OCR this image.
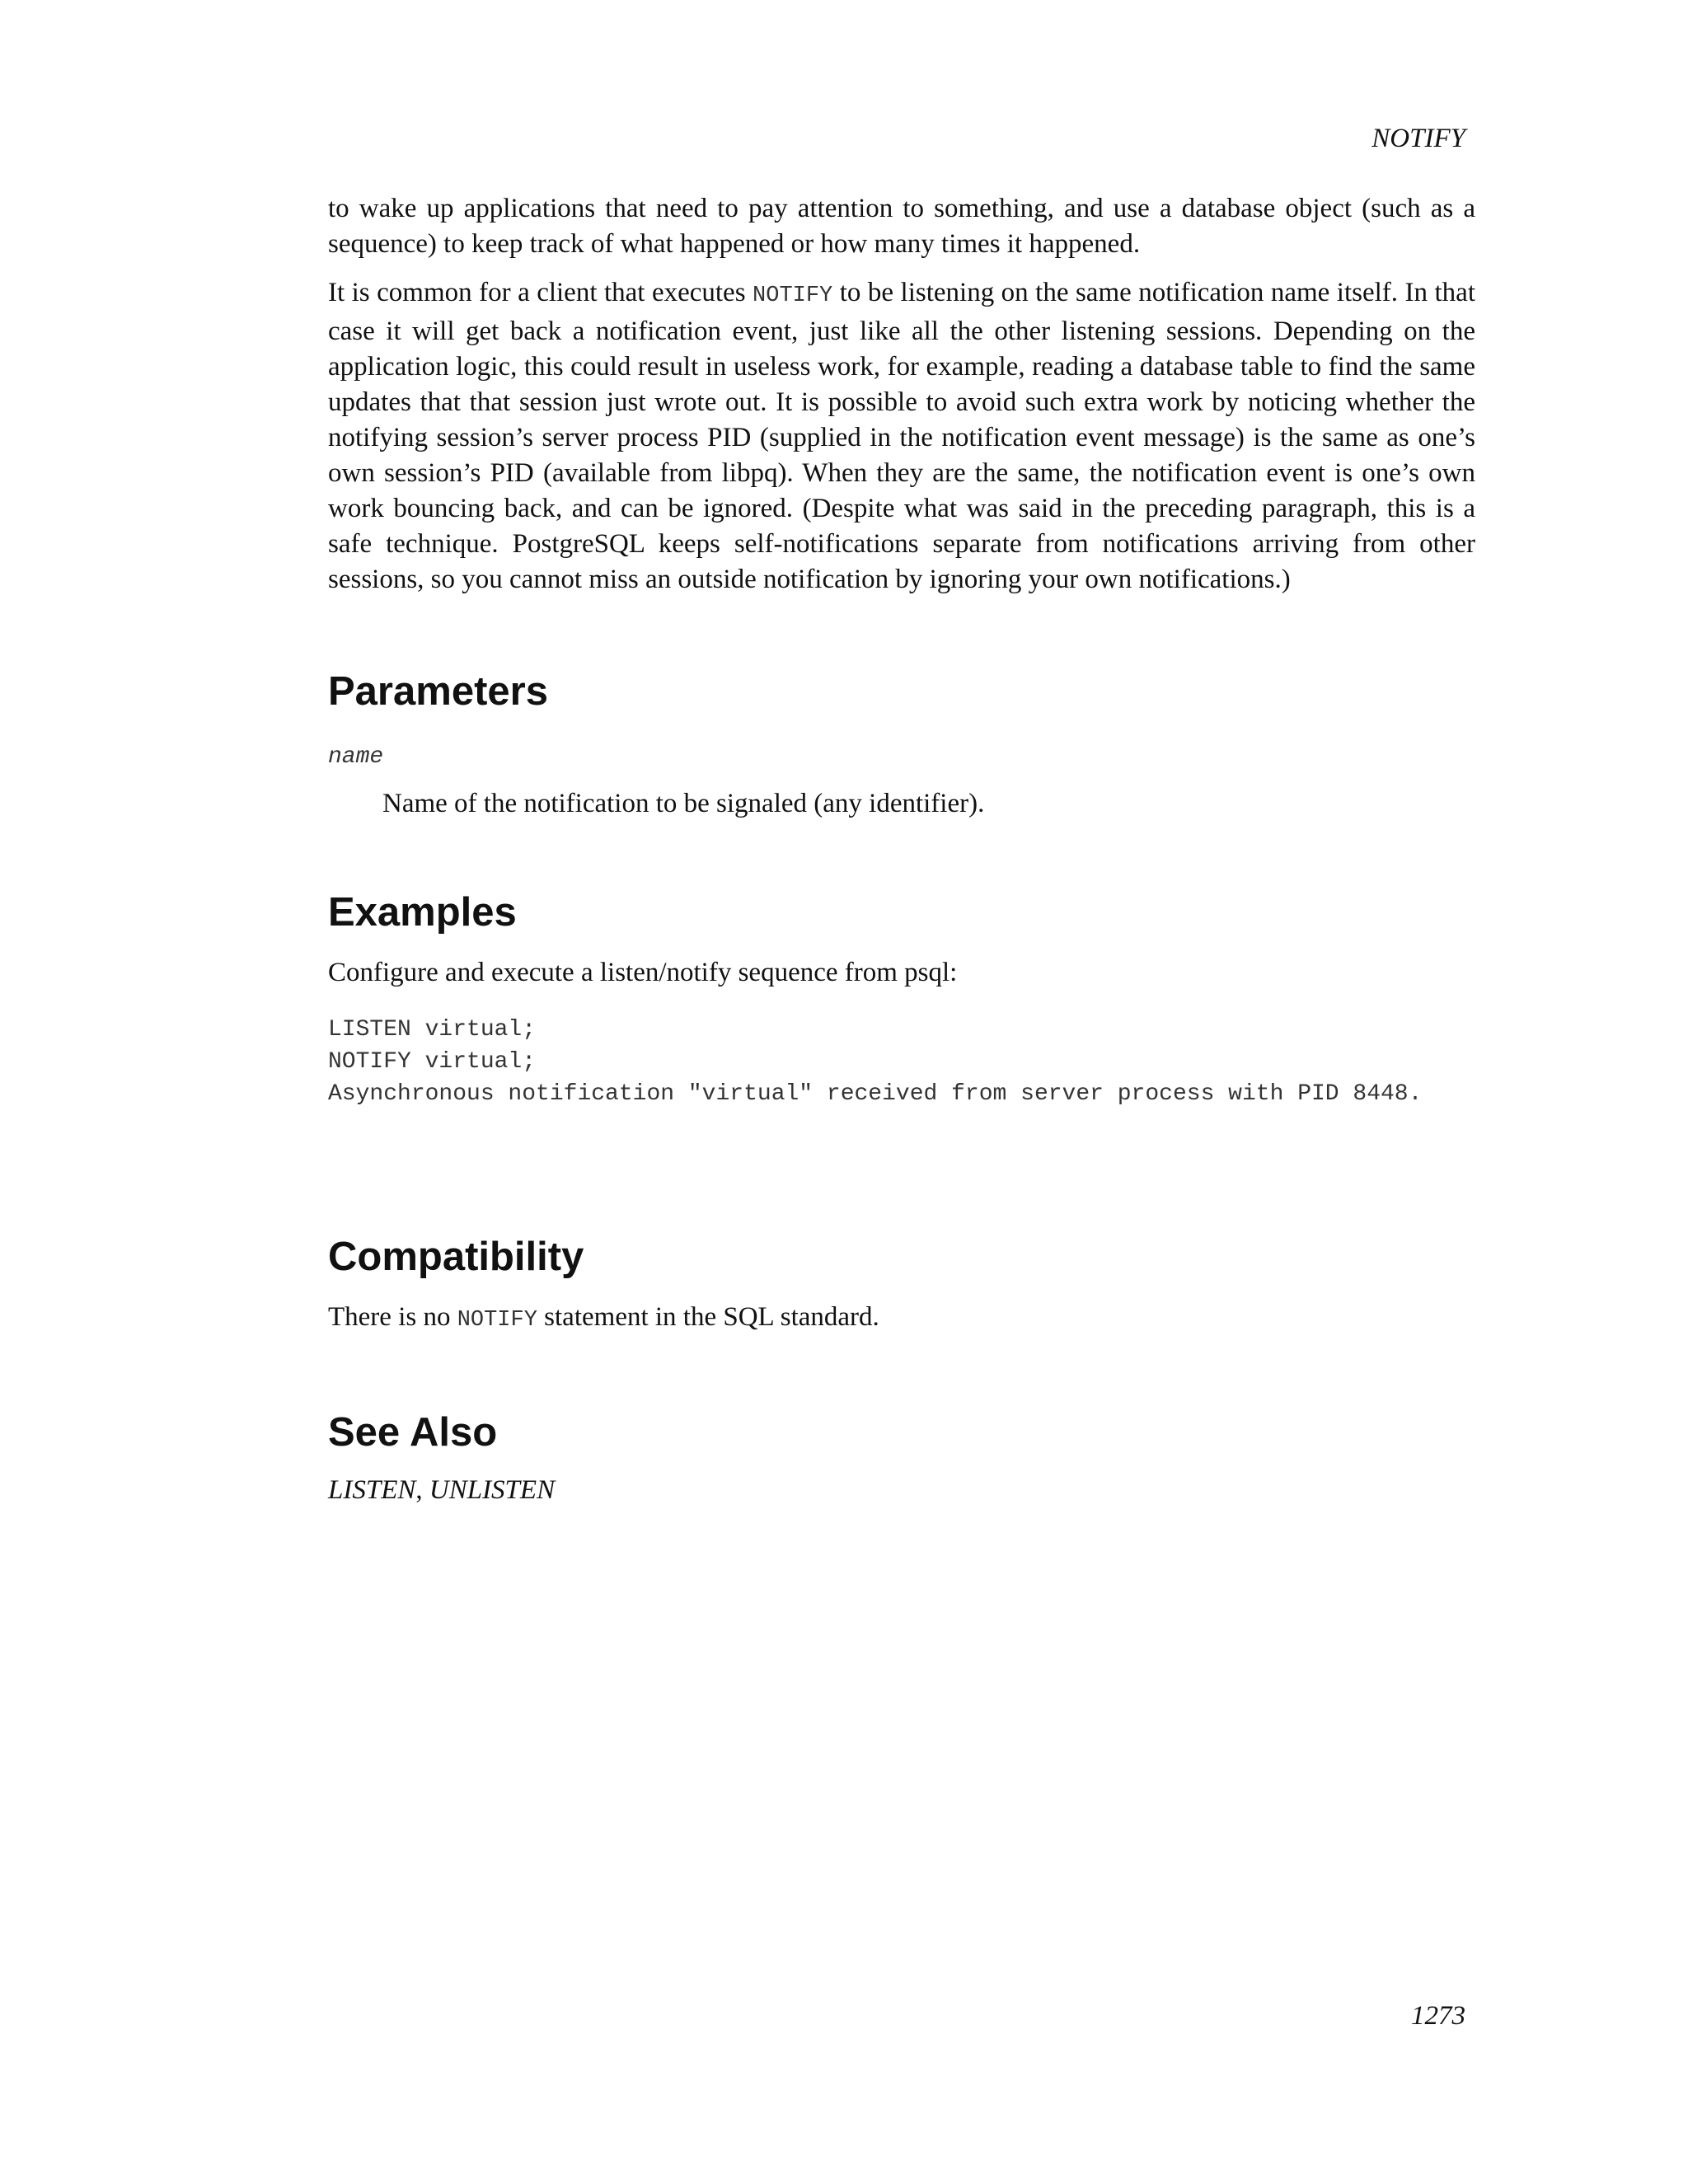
NOTIFY

to wake up applications that need to pay attention to something, and use a database object (such as a sequence) to keep track of what happened or how many times it happened.

It is common for a client that executes NOTIFY to be listening on the same notification name itself. In that case it will get back a notification event, just like all the other listening sessions. Depending on the application logic, this could result in useless work, for example, reading a database table to find the same updates that that session just wrote out. It is possible to avoid such extra work by noticing whether the notifying session’s server process PID (supplied in the notification event message) is the same as one’s own session’s PID (available from libpq). When they are the same, the notification event is one’s own work bouncing back, and can be ignored. (Despite what was said in the preceding paragraph, this is a safe technique. PostgreSQL keeps self-notifications separate from notifications arriving from other sessions, so you cannot miss an outside notification by ignoring your own notifications.)

Parameters

name

Name of the notification to be signaled (any identifier).

Examples

Configure and execute a listen/notify sequence from psql:

LISTEN virtual;
NOTIFY virtual;
Asynchronous notification "virtual" received from server process with PID 8448.
Compatibility

There is no NOTIFY statement in the SQL standard.

See Also

LISTEN, UNLISTEN

1273
